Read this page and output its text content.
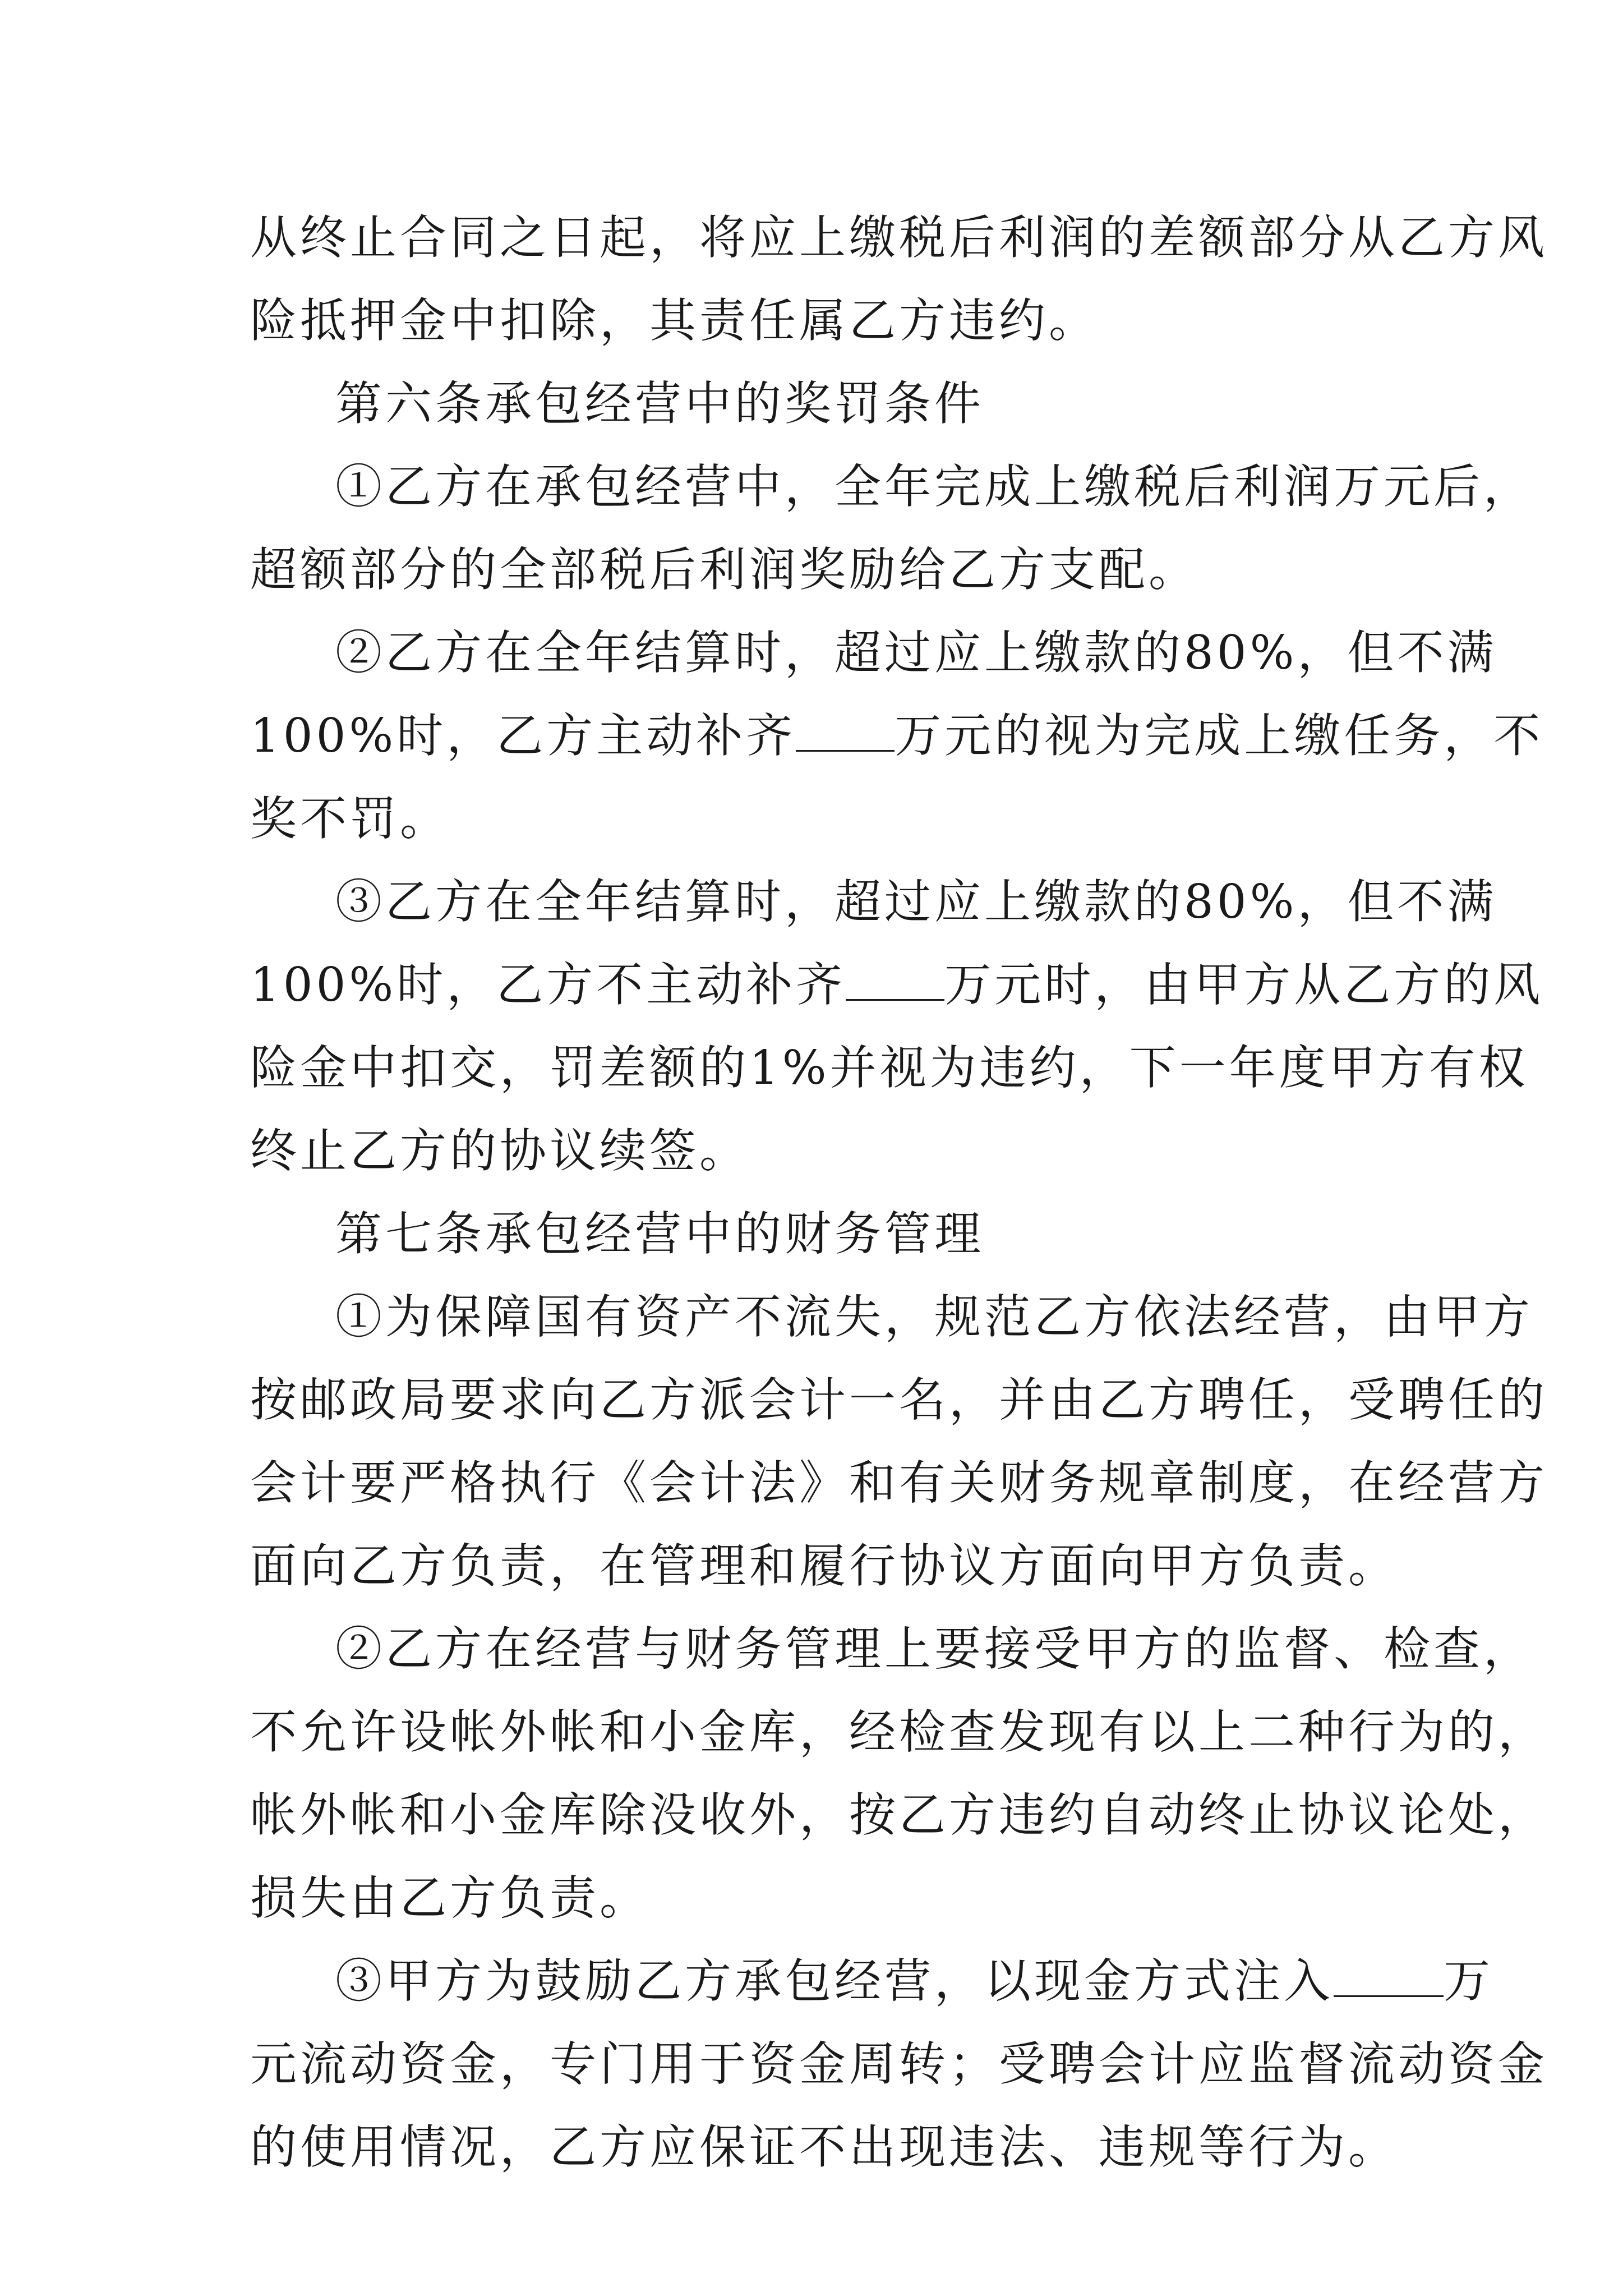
从终止合同之日起，将应上缴税后利润的差额部分从乙方风
险抵押金中扣除，其责任属乙方违约。
第六条承包经营中的奖罚条件
①乙方在承包经营中，全年完成上缴税后利润万元后，
超额部分的全部税后利润奖励给乙方支配。
②乙方在全年结算时，超过应上缴款的80%，但不满
100%时，乙方主动补齐 万元的视为完成上缴任务，不
奖不罚。
③乙方在全年结算时，超过应上缴款的80%，但不满
100%时，乙方不主动补齐 万元时，由甲方从乙方的风
险金中扣交，罚差额的1%并视为违约，下一年度甲方有权
终止乙方的协议续签。
第七条承包经营中的财务管理
①为保障国有资产不流失，规范乙方依法经营，由甲方
按邮政局要求向乙方派会计一名，并由乙方聘任，受聘任的
会计要严格执行《会计法》和有关财务规章制度，在经营方
面向乙方负责，在管理和履行协议方面向甲方负责。
②乙方在经营与财务管理上要接受甲方的监督、检查，
不允许设帐外帐和小金库，经检查发现有以上二种行为的，
帐外帐和小金库除没收外，按乙方违约自动终止协议论处，
损失由乙方负责。
③甲方为鼓励乙方承包经营，以现金方式注入 万
元流动资金，专门用于资金周转；受聘会计应监督流动资金
的使用情况，乙方应保证不出现违法、违规等行为。
